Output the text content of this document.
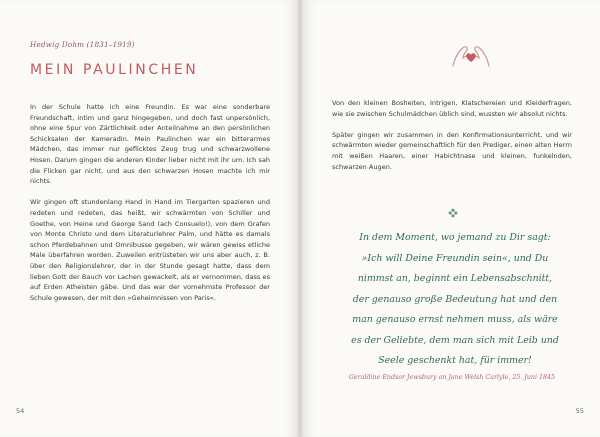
Hedwig Dohm (1831–1919)
MEIN PAULINCHEN

In der Schule hatte ich eine Freundin. Es war eine sonderbare Freundschaft, intim und ganz hingegeben, und doch fast unpersönlich, ohne eine Spur von Zärtlichkeit oder Anteilnahme an den persönlichen Schicksalen der Kameradin. Mein Paulinchen war ein bitterarmes Mädchen, das immer nur geflicktes Zeug trug und schwarzwollene Hosen. Darum gingen die anderen Kinder lieber nicht mit ihr um. Ich sah die Flicken gar nicht, und aus den schwarzen Hosen machte ich mir nichts.

Wir gingen oft stundenlang Hand in Hand im Tiergarten spazieren und redeten und redeten, das heißt, wir schwärmten von Schiller und Goethe, von Heine und George Sand (ach Consuelo!), von dem Grafen von Monte Christo und dem Literaturlehrer Palm, und hätte es damals schon Pferdebahnen und Omnibusse gegeben, wir wären gewiss etliche Male überfahren worden. Zuweilen entrüsteten wir uns aber auch, z. B. über den Religionslehrer, der in der Stunde gesagt hatte, dass dem lieben Gott der Bauch vor Lachen gewackelt, als er vernommen, dass es auf Erden Atheisten gäbe. Und das war der vornehmste Professor der Schule gewesen, der mit den »Geheimnissen von Paris«.

54

Von den kleinen Bosheiten, Intrigen, Klatschereien und Kleiderfragen, wie sie zwischen Schulmädchen üblich sind, wussten wir absolut nichts.

Später gingen wir zusammen in den Konfirmationsunterricht, und wir schwärmten wieder gemeinschaftlich für den Prediger, einen alten Herrn mit weißen Haaren, einer Habichtnase und kleinen, funkelnden, schwarzen Augen.

In dem Moment, wo jemand zu Dir sagt: »Ich will Deine Freundin sein«, und Du nimmst an, beginnt ein Lebensabschnitt, der genauso große Bedeutung hat und den man genauso ernst nehmen muss, als wäre es der Geliebte, dem man sich mit Leib und Seele geschenkt hat, für immer!
Geraldine Endsor Jewsbury an Jane Welsh Carlyle, 25. Juni 1845
55
